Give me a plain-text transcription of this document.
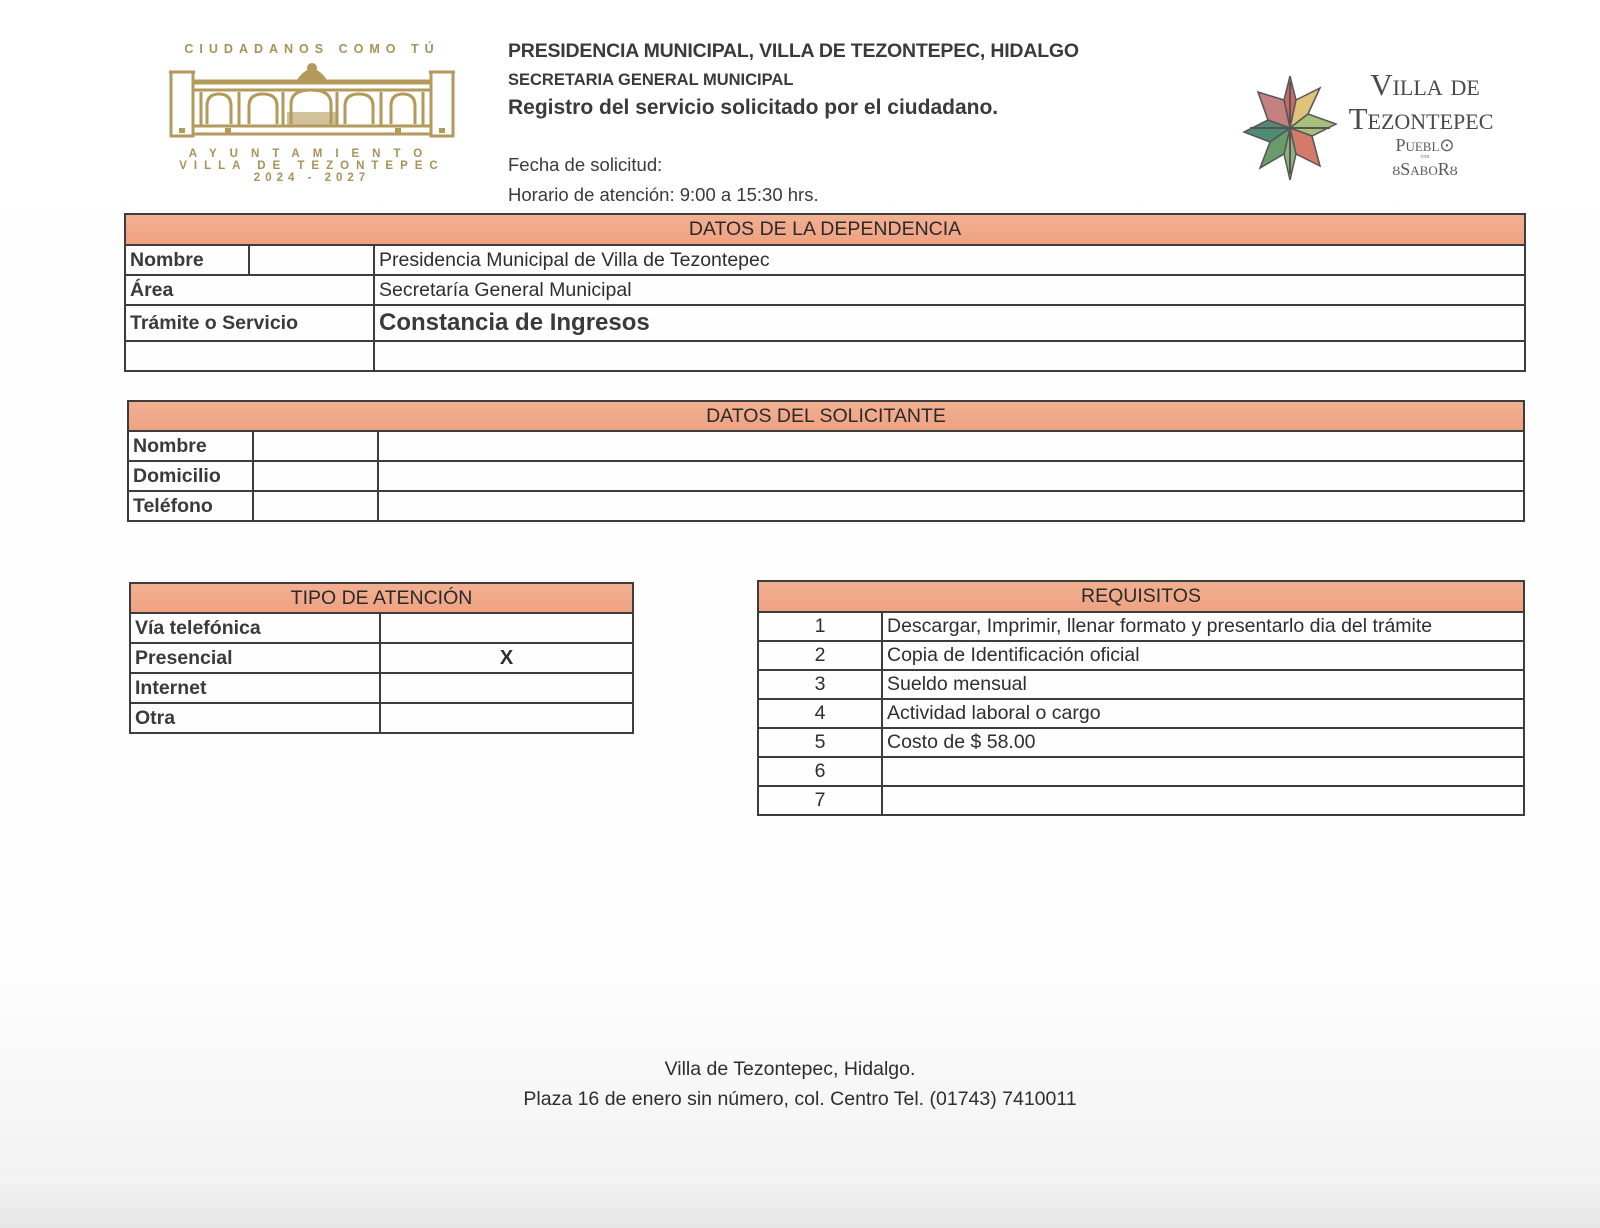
CIUDADANOS COMO TÚ
AYUNTAMIENTO
VILLA DE TEZONTEPEC
2024 - 2027
PRESIDENCIA MUNICIPAL, VILLA DE TEZONTEPEC, HIDALGO
SECRETARIA GENERAL MUNICIPAL
Registro del servicio solicitado por el ciudadano.
Fecha de solicitud:
Horario de atención: 9:00 a 15:30 hrs.
Villa de
Tezontepec
Puebl⊙
con
ȣSaboRȣ
DATOS DE LA DEPENDENCIA		
Nombre		Presidencia Municipal de Villa de Tezontepec
Área		Secretaría General Municipal
Trámite o Servicio		Constancia de Ingresos

DATOS DEL SOLICITANTE		
Nombre		
Domicilio		
Teléfono		
TIPO DE ATENCIÓN	
Vía telefónica	
Presencial	X
Internet	
Otra	
REQUISITOS	
1	Descargar, Imprimir, llenar formato y presentarlo dia del trámite
2	Copia de Identificación oficial
3	Sueldo mensual
4	Actividad laboral o cargo
5	Costo de $ 58.00
6	
7	
Villa de Tezontepec, Hidalgo.
Plaza 16 de enero sin número, col. Centro Tel. (01743) 7410011
